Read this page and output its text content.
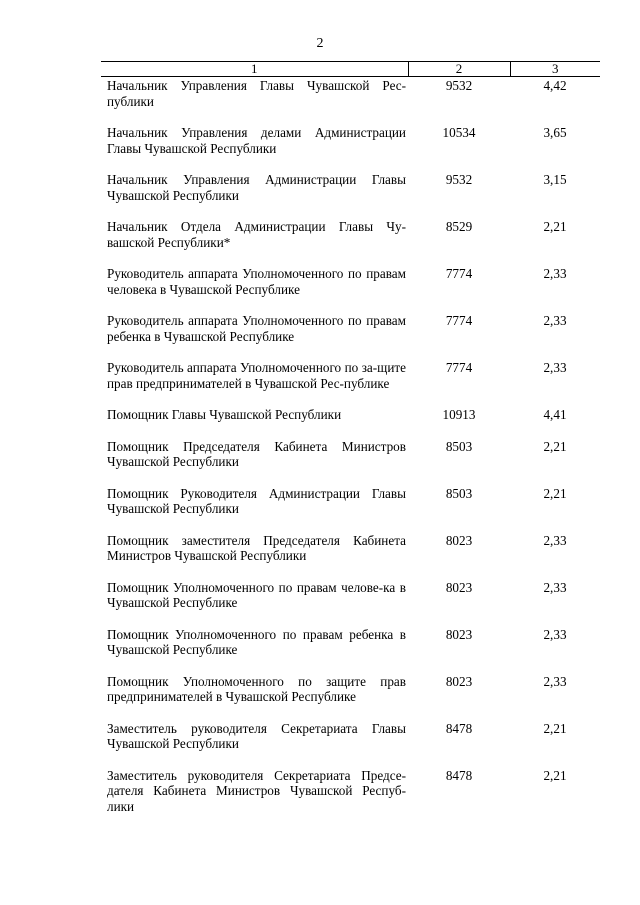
2
1	2	3
Начальник Управления Главы Чувашской Рес-публики	9532	4,42
Начальник Управления делами Администрации Главы Чувашской Республики	10534	3,65
Начальник Управления Администрации Главы Чувашской Республики	9532	3,15
Начальник Отдела Администрации Главы Чу-вашской Республики*	8529	2,21
Руководитель аппарата Уполномоченного по правам человека в Чувашской Республике	7774	2,33
Руководитель аппарата Уполномоченного по правам ребенка в Чувашской Республике	7774	2,33
Руководитель аппарата Уполномоченного по за-щите прав предпринимателей в Чувашской Рес-публике	7774	2,33
Помощник Главы Чувашской Республики	10913	4,41
Помощник Председателя Кабинета Министров Чувашской Республики	8503	2,21
Помощник Руководителя Администрации Главы Чувашской Республики	8503	2,21
Помощник заместителя Председателя Кабинета Министров Чувашской Республики	8023	2,33
Помощник Уполномоченного по правам челове-ка в Чувашской Республике	8023	2,33
Помощник Уполномоченного по правам ребенка в Чувашской Республике	8023	2,33
Помощник Уполномоченного по защите прав предпринимателей в Чувашской Республике	8023	2,33
Заместитель руководителя Секретариата Главы Чувашской Республики	8478	2,21
Заместитель руководителя Секретариата Предсе-дателя Кабинета Министров Чувашской Респуб-лики	8478	2,21
